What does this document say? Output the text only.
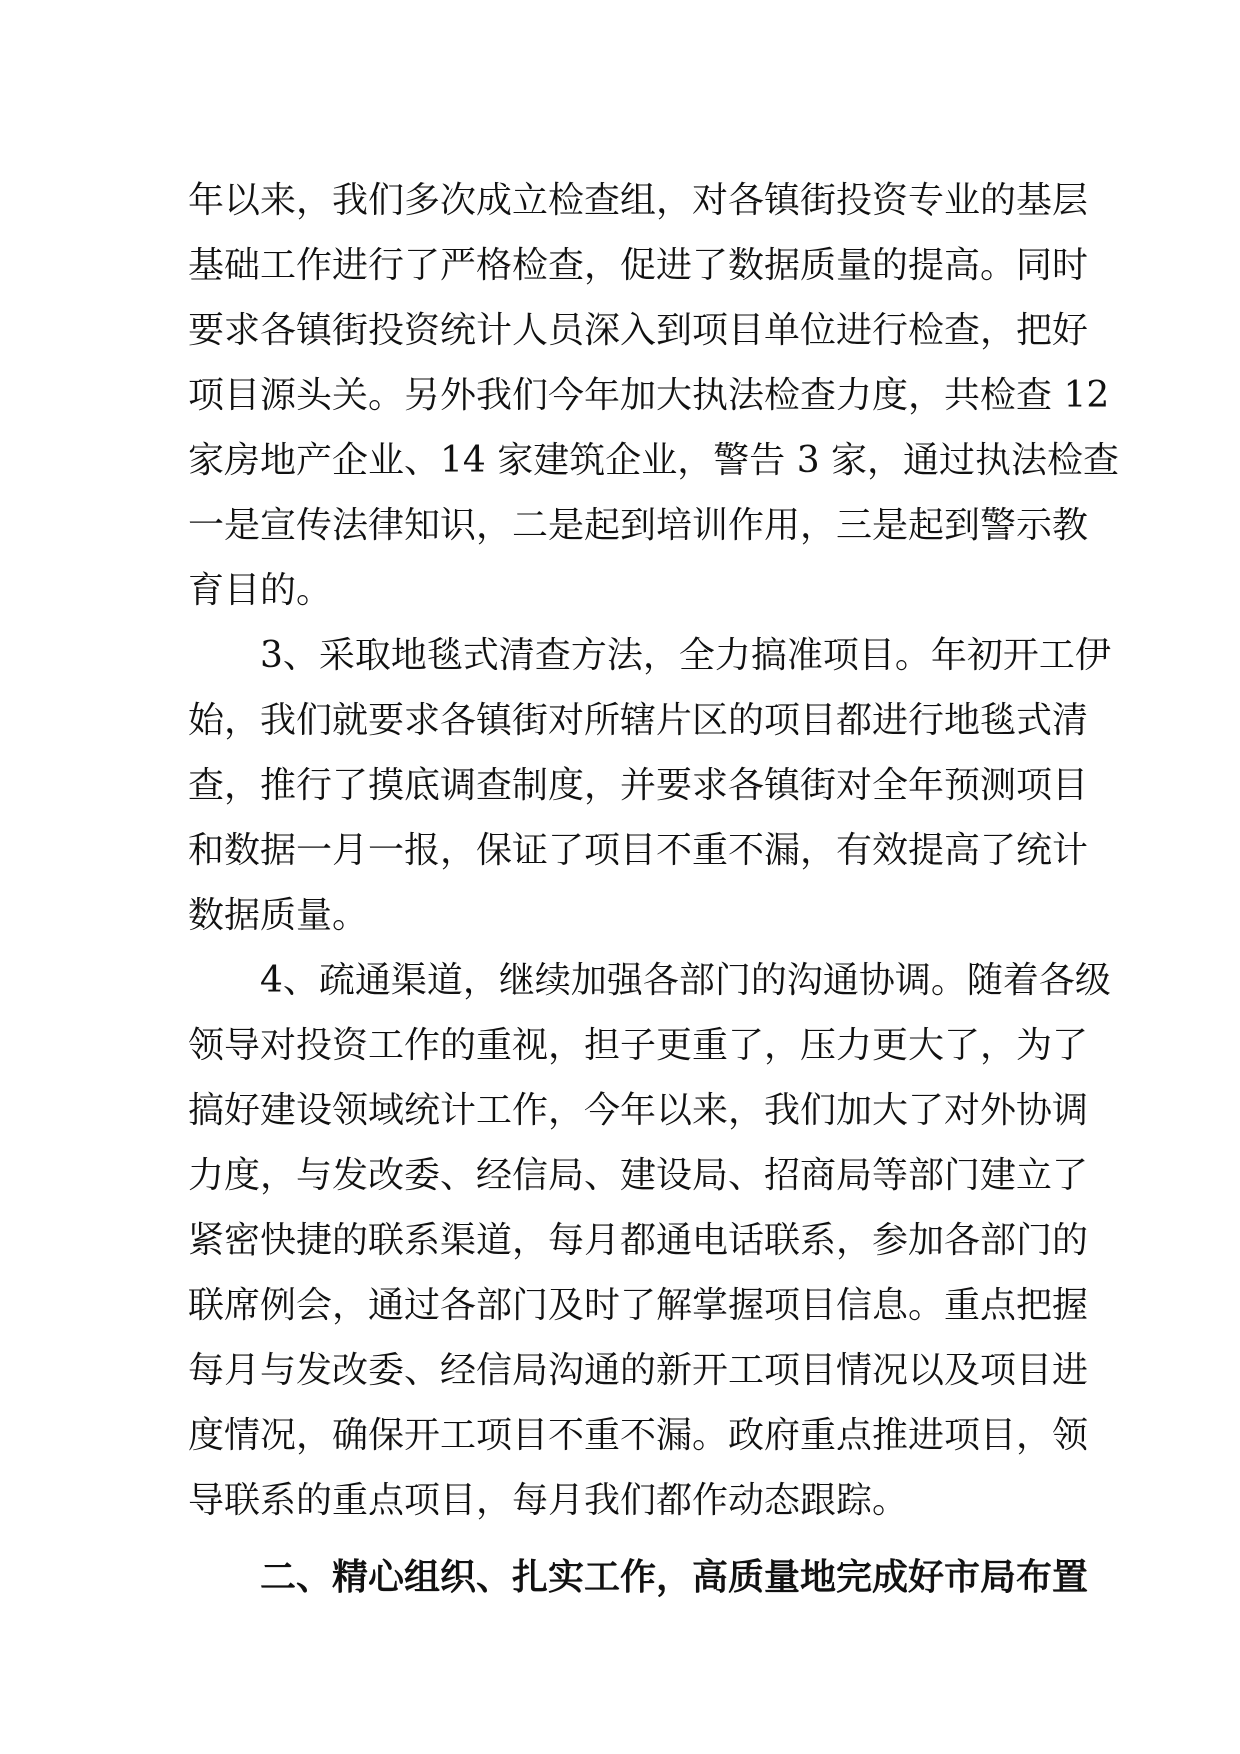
年以来，我们多次成立检查组，对各镇街投资专业的基层
基础工作进行了严格检查，促进了数据质量的提高。同时
要求各镇街投资统计人员深入到项目单位进行检查，把好
项目源头关。另外我们今年加大执法检查力度，共检查 12
家房地产企业、14 家建筑企业，警告 3 家，通过执法检查
一是宣传法律知识，二是起到培训作用，三是起到警示教
育目的。
3、采取地毯式清查方法，全力搞准项目。年初开工伊
始，我们就要求各镇街对所辖片区的项目都进行地毯式清
查，推行了摸底调查制度，并要求各镇街对全年预测项目
和数据一月一报，保证了项目不重不漏，有效提高了统计
数据质量。
4、疏通渠道，继续加强各部门的沟通协调。随着各级
领导对投资工作的重视，担子更重了，压力更大了，为了
搞好建设领域统计工作，今年以来，我们加大了对外协调
力度，与发改委、经信局、建设局、招商局等部门建立了
紧密快捷的联系渠道，每月都通电话联系，参加各部门的
联席例会，通过各部门及时了解掌握项目信息。重点把握
每月与发改委、经信局沟通的新开工项目情况以及项目进
度情况，确保开工项目不重不漏。政府重点推进项目，领
导联系的重点项目，每月我们都作动态跟踪。
二、精心组织、扎实工作，高质量地完成好市局布置
